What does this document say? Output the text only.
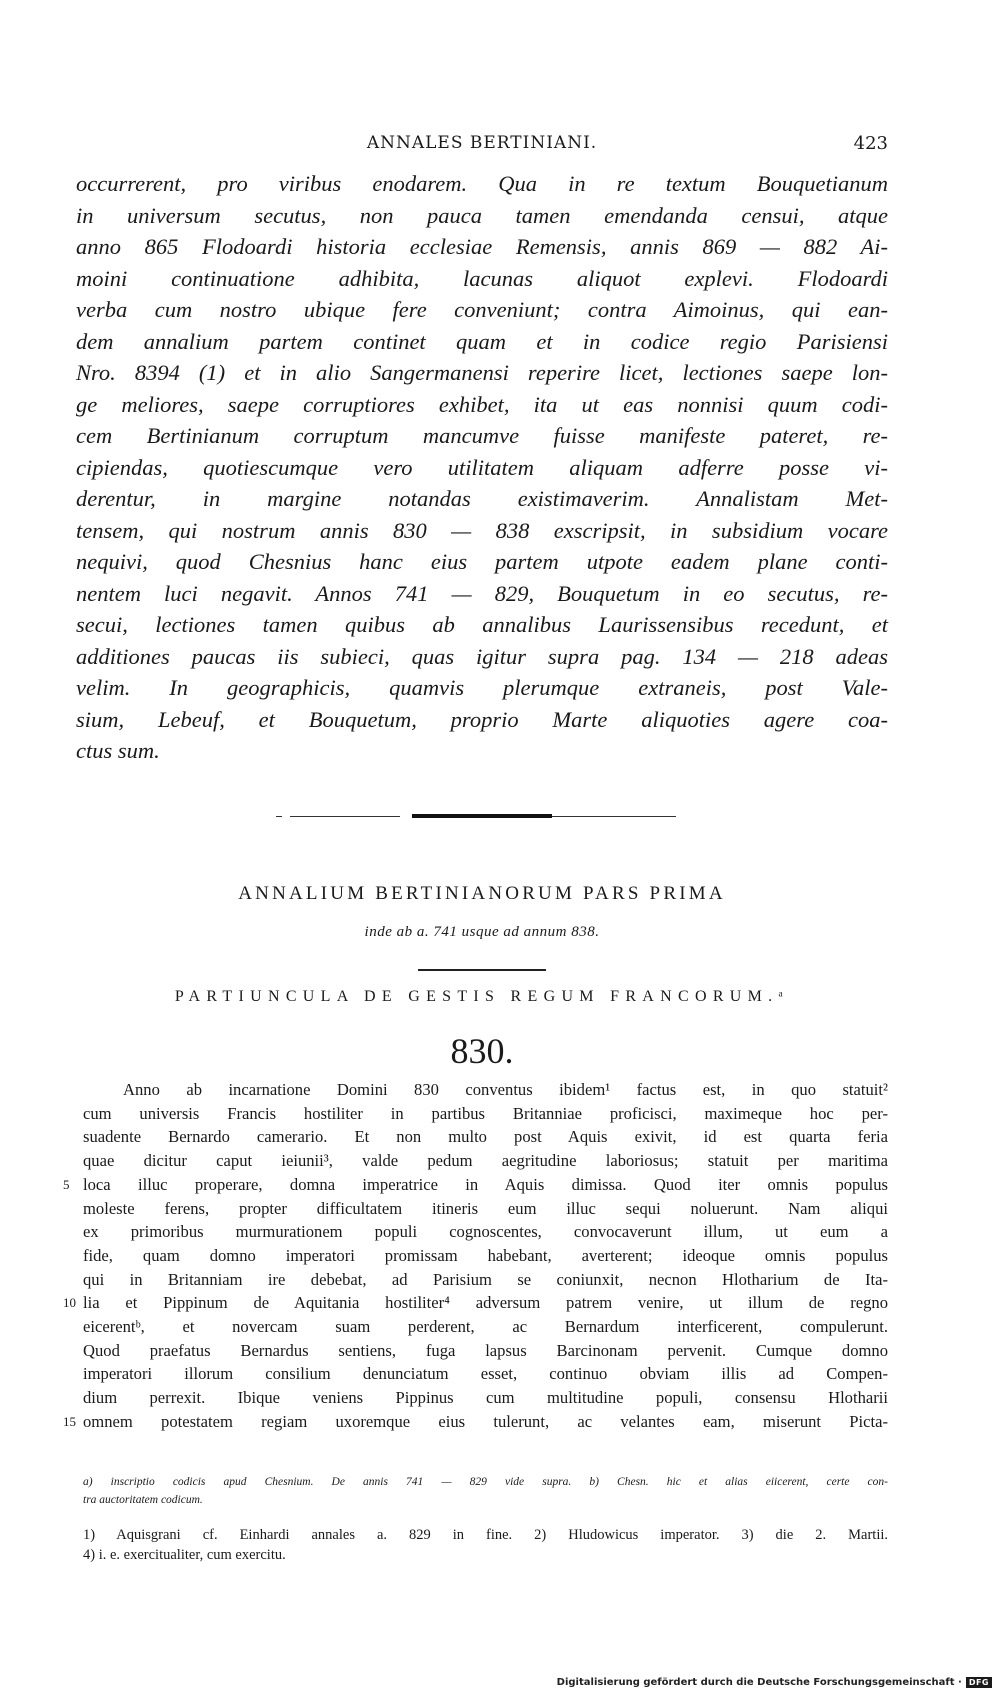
ANNALES BERTINIANI.	423
occurrerent, pro viribus enodarem. Qua in re textum Bouquetianum
in universum secutus, non pauca tamen emendanda censui, atque
anno 865 Flodoardi historia ecclesiae Remensis, annis 869 — 882 Ai-
moini continuatione adhibita, lacunas aliquot explevi. Flodoardi
verba cum nostro ubique fere conveniunt; contra Aimoinus, qui ean-
dem annalium partem continet quam et in codice regio Parisiensi
Nro. 8394 (1) et in alio Sangermanensi reperire licet, lectiones saepe lon-
ge meliores, saepe corruptiores exhibet, ita ut eas nonnisi quum codi-
cem Bertinianum corruptum mancumve fuisse manifeste pateret, re-
cipiendas, quotiescumque vero utilitatem aliquam adferre posse vi-
derentur, in margine notandas existimaverim. Annalistam Met-
tensem, qui nostrum annis 830 — 838 exscripsit, in subsidium vocare
nequivi, quod Chesnius hanc eius partem utpote eadem plane conti-
nentem luci negavit. Annos 741 — 829, Bouquetum in eo secutus, re-
secui, lectiones tamen quibus ab annalibus Laurissensibus recedunt, et
additiones paucas iis subieci, quas igitur supra pag. 134 — 218 adeas
velim. In geographicis, quamvis plerumque extraneis, post Vale-
sium, Lebeuf, et Bouquetum, proprio Marte aliquoties agere coa-
ctus sum.
ANNALIUM BERTINIANORUM PARS PRIMA
inde ab a. 741 usque ad annum 838.
PARTIUNCULA DE GESTIS REGUM FRANCORUM.ᵃ
830.
Anno ab incarnatione Domini 830 conventus ibidem¹ factus est, in quo statuit²
cum universis Francis hostiliter in partibus Britanniae proficisci, maximeque hoc per-
suadente Bernardo camerario. Et non multo post Aquis exivit, id est quarta feria
quae dicitur caput ieiunii³, valde pedum aegritudine laboriosus; statuit per maritima
5 loca illuc properare, domna imperatrice in Aquis dimissa. Quod iter omnis populus
moleste ferens, propter difficultatem itineris eum illuc sequi noluerunt. Nam aliqui
ex primoribus murmurationem populi cognoscentes, convocaverunt illum, ut eum a
fide, quam domno imperatori promissam habebant, averterent; ideoque omnis populus
qui in Britanniam ire debebat, ad Parisium se coniunxit, necnon Hlotharium de Ita-
10 lia et Pippinum de Aquitania hostiliter⁴ adversum patrem venire, ut illum de regno
eicerentᵇ, et novercam suam perderent, ac Bernardum interficerent, compulerunt.
Quod praefatus Bernardus sentiens, fuga lapsus Barcinonam pervenit. Cumque domno
imperatori illorum consilium denunciatum esset, continuo obviam illis ad Compen-
dium perrexit. Ibique veniens Pippinus cum multitudine populi, consensu Hlotharii
15 omnem potestatem regiam uxoremque eius tulerunt, ac velantes eam, miserunt Picta-
a) inscriptio codicis apud Chesnium. De annis 741 — 829 vide supra. b) Chesn. hic et alias eiicerent, certe con-
tra auctoritatem codicum.
1) Aquisgrani cf. Einhardi annales a. 829 in fine. 2) Hludowicus imperator. 3) die 2. Martii.
4) i. e. exercitualiter, cum exercitu.
Digitalisierung gefördert durch die Deutsche Forschungsgemeinschaft · DFG
